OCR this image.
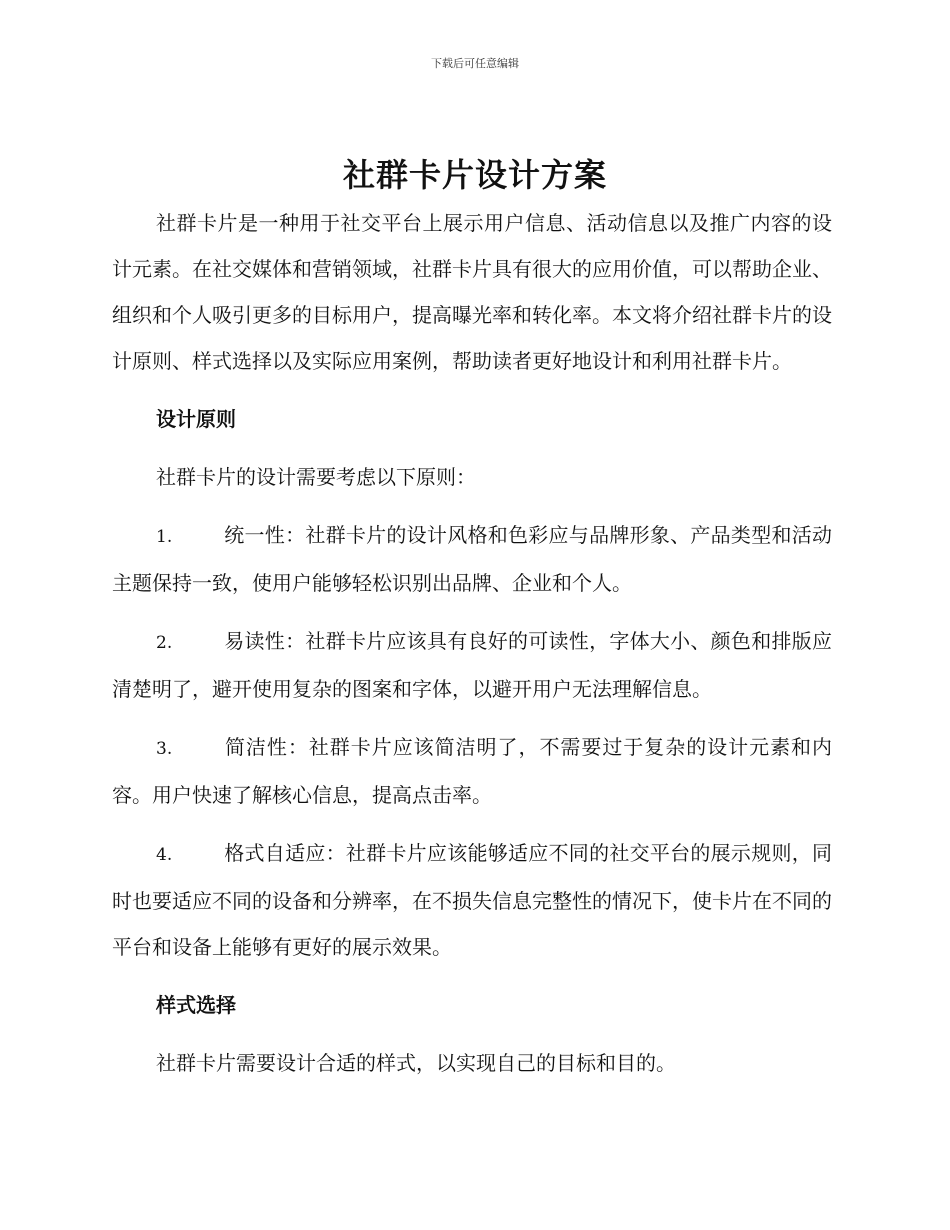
下载后可任意编辑
社群卡片设计方案

社群卡片是一种用于社交平台上展示用户信息、活动信息以及推广内容的设计元素。在社交媒体和营销领域，社群卡片具有很大的应用价值，可以帮助企业、组织和个人吸引更多的目标用户，提高曝光率和转化率。本文将介绍社群卡片的设计原则、样式选择以及实际应用案例，帮助读者更好地设计和利用社群卡片。

设计原则

社群卡片的设计需要考虑以下原则：

1.	统一性：社群卡片的设计风格和色彩应与品牌形象、产品类型和活动主题保持一致，使用户能够轻松识别出品牌、企业和个人。

2.	易读性：社群卡片应该具有良好的可读性，字体大小、颜色和排版应清楚明了，避开使用复杂的图案和字体，以避开用户无法理解信息。

3.	简洁性：社群卡片应该简洁明了，不需要过于复杂的设计元素和内容。用户快速了解核心信息，提高点击率。

4.	格式自适应：社群卡片应该能够适应不同的社交平台的展示规则，同时也要适应不同的设备和分辨率，在不损失信息完整性的情况下，使卡片在不同的平台和设备上能够有更好的展示效果。

样式选择

社群卡片需要设计合适的样式，以实现自己的目标和目的。
